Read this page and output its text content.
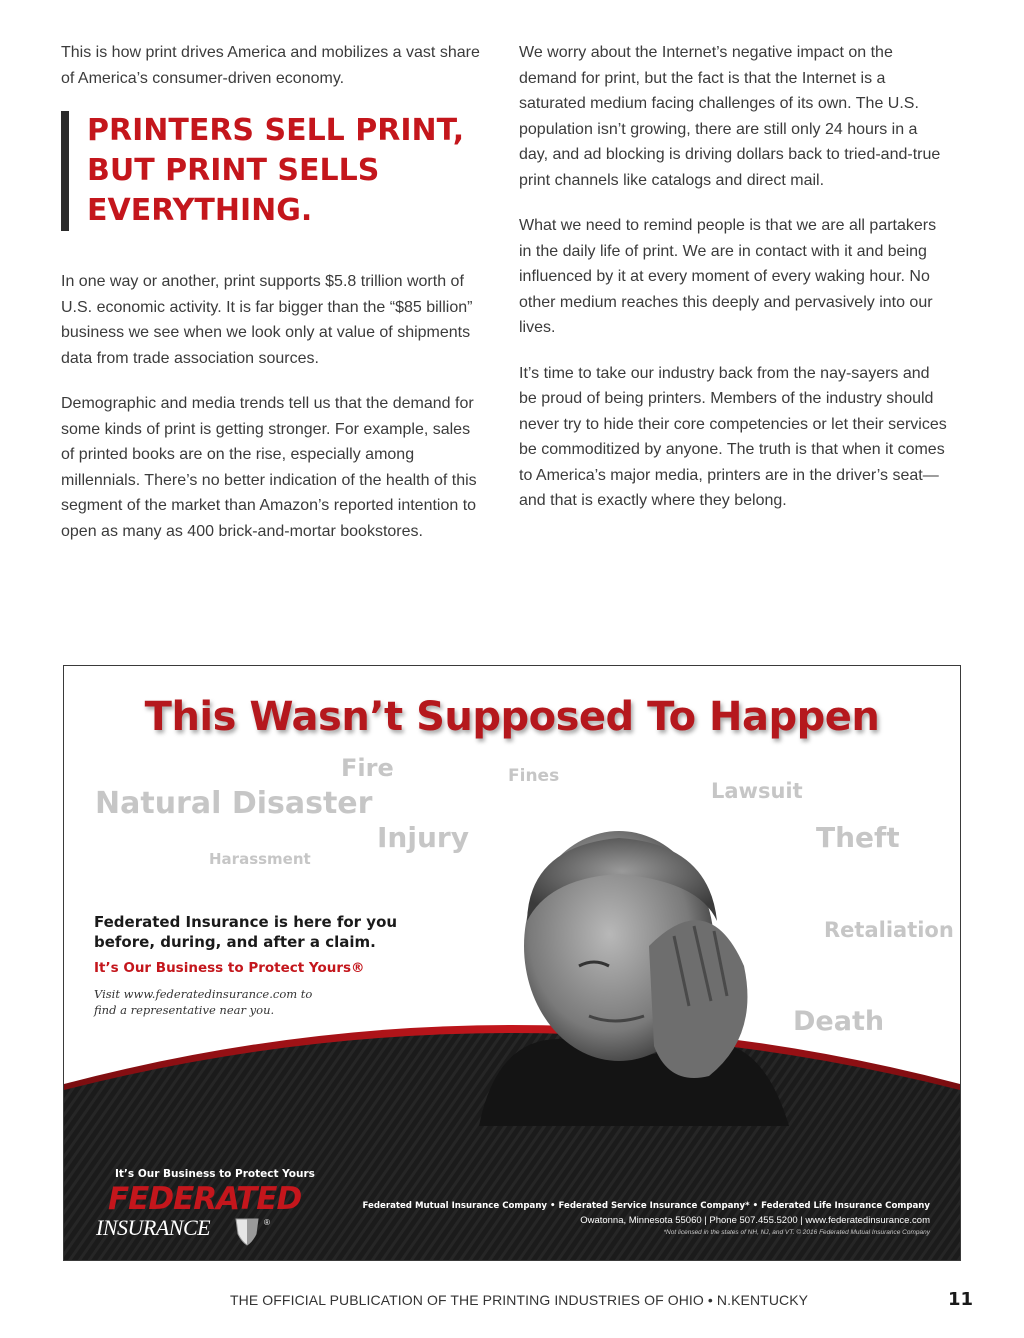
This is how print drives America and mobilizes a vast share of America’s consumer-driven economy.

PRINTERS SELL PRINT,
BUT PRINT SELLS
EVERYTHING.

In one way or another, print supports $5.8 trillion worth of U.S. economic activity. It is far bigger than the “$85 billion” business we see when we look only at value of shipments data from trade association sources.

Demographic and media trends tell us that the demand for some kinds of print is getting stronger. For example, sales of printed books are on the rise, especially among millennials. There’s no better indication of the health of this segment of the market than Amazon’s reported intention to open as many as 400 brick-and-mortar bookstores.

We worry about the Internet’s negative impact on the demand for print, but the fact is that the Internet is a saturated medium facing challenges of its own. The U.S. population isn’t growing, there are still only 24 hours in a day, and ad blocking is driving dollars back to tried-and-true print channels like catalogs and direct mail.

What we need to remind people is that we are all partakers in the daily life of print. We are in contact with it and being influenced by it at every moment of every waking hour. No other medium reaches this deeply and pervasively into our lives.

It’s time to take our industry back from the nay-sayers and be proud of being printers. Members of the industry should never try to hide their core competencies or let their services be commoditized by anyone. The truth is that when it comes to America’s major media, printers are in the driver’s seat—and that is exactly where they belong.

This Wasn’t Supposed To Happen
Natural Disaster
Fire	Fines
Lawsuit
Injury	Theft
Harassment
Retaliation
Death
Federated Insurance is here for you before, during, and after a claim.
It’s Our Business to Protect Yours®
Visit www.federatedinsurance.com to find a representative near you.
It’s Our Business to Protect Yours
FEDERATED
INSURANCE	®
Federated Mutual Insurance Company • Federated Service Insurance Company* • Federated Life Insurance Company
Owatonna, Minnesota 55060 | Phone 507.455.5200 | www.federatedinsurance.com
*Not licensed in the states of NH, NJ, and VT. © 2016 Federated Mutual Insurance Company
THE OFFICIAL PUBLICATION OF THE PRINTING INDUSTRIES OF OHIO • N.KENTUCKY	11
